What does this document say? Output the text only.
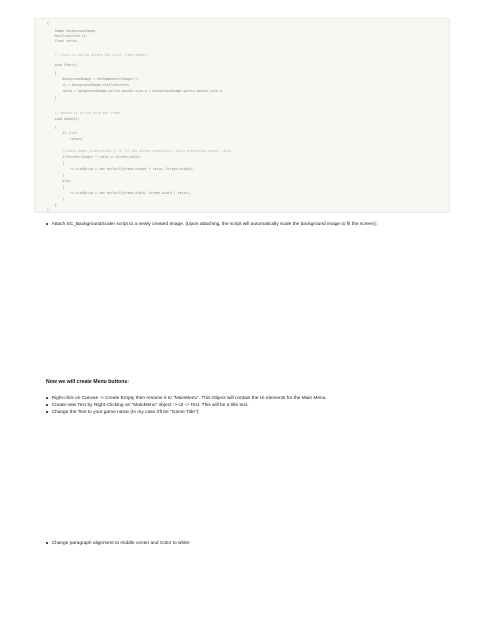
{
Image backgroundImage;
RectTransform rt;
float ratio;
// Start is called before the first frame update
void Start()
{
backgroundImage = GetComponent<Image>();
rt = backgroundImage.rectTransform;
ratio = backgroundImage.sprite.bounds.size.x / backgroundImage.sprite.bounds.size.y;
}
// Update is called once per frame
void Update()
{
if (!rt)
return;
//Scale image proportionally to fit the screen dimensions, while preserving aspect ratio
if(Screen.height * ratio >= Screen.width)
{
rt.sizeDelta = new Vector2(Screen.height * ratio, Screen.height);
}
else
{
rt.sizeDelta = new Vector2(Screen.width, Screen.width / ratio);
}
}
}
Attach SC_BackgroundScaler script to a newly created Image. (Upon attaching, the script will automatically scale the background image to fit the screen):
Now we will create Menu buttons:
Right-click on Canvas -> Create Empty then rename it to "MainMenu". This Object will contain the UI elements for the Main Menu.
Create new Text by Right-Clicking on "MainMenu" object -> UI -> Text. This will be a title text.
Change the Text to your game name (In my case it'll be "Game Title"):
Change paragraph alignment to middle center and Color to white:
